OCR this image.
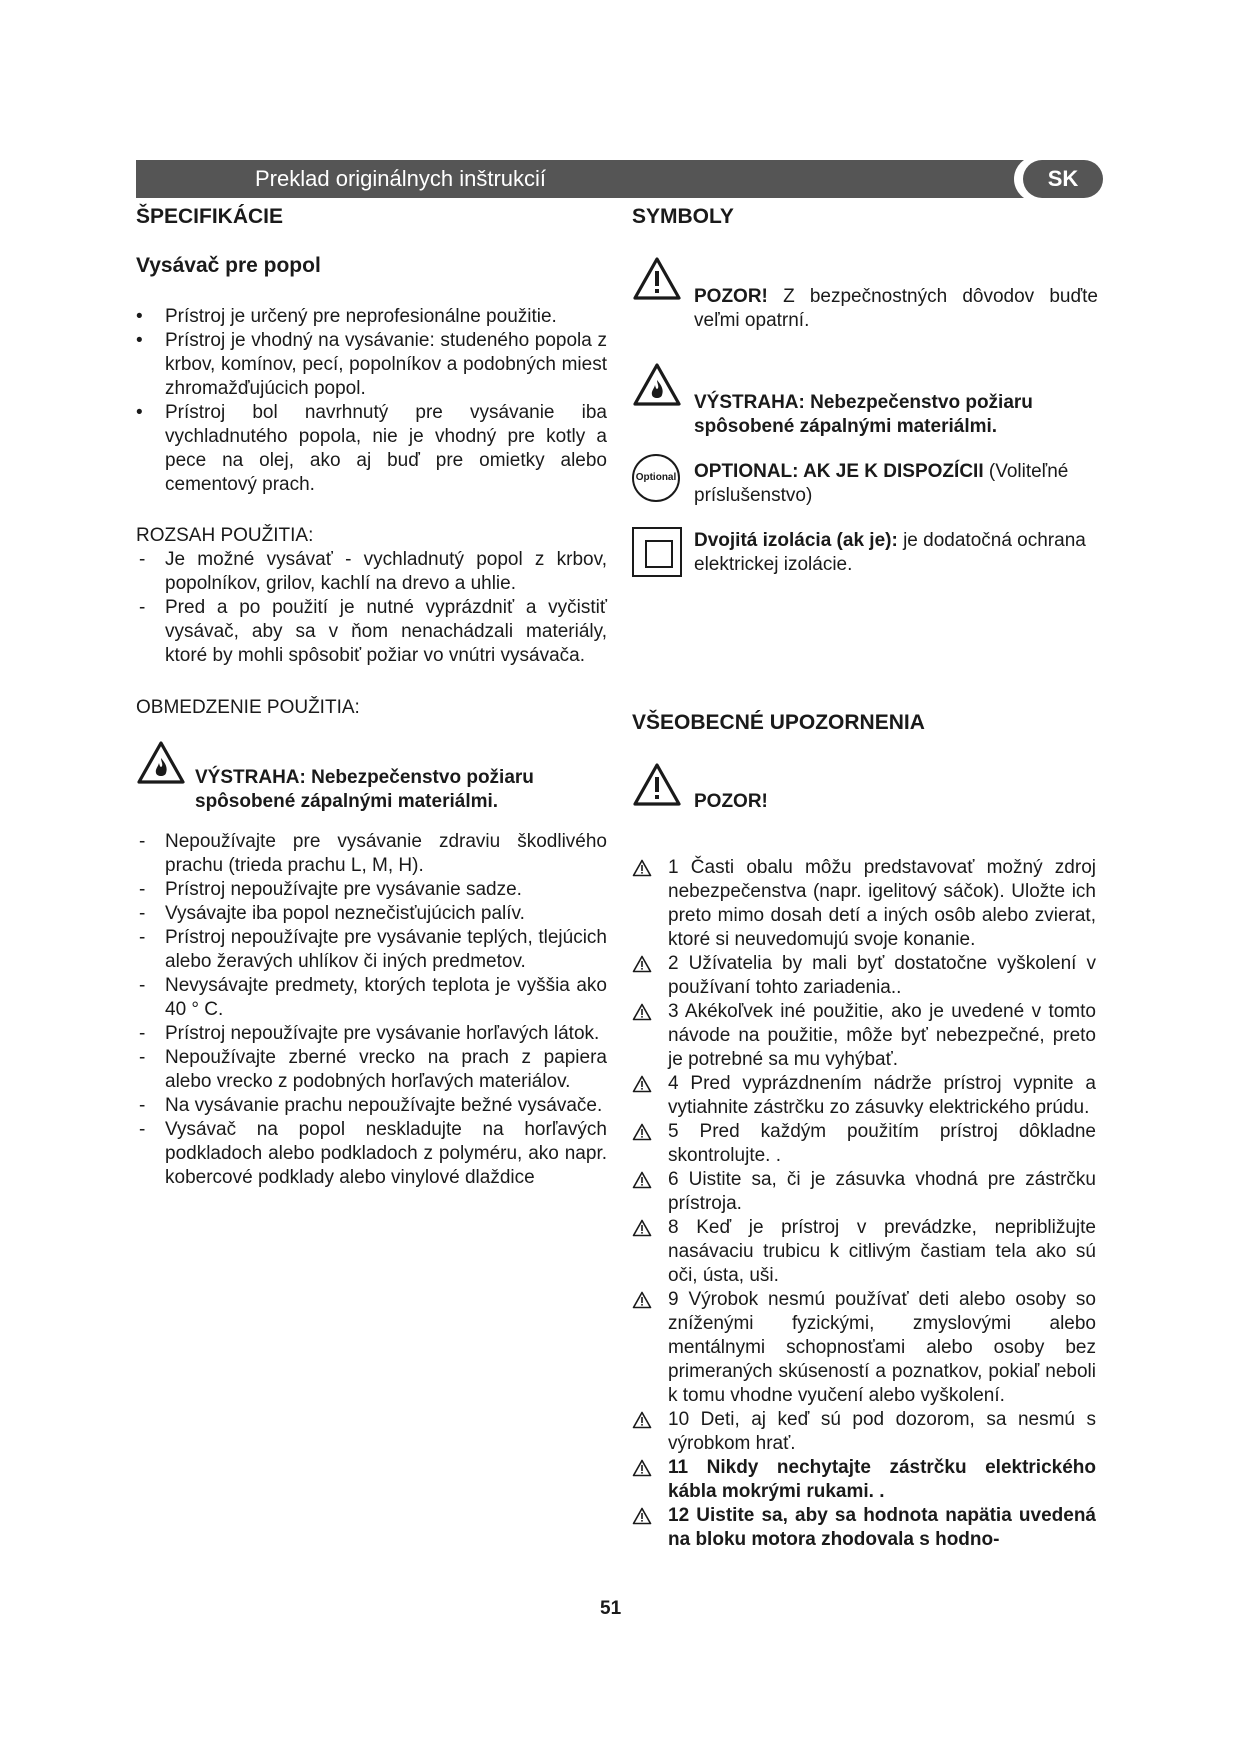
Preklad originálnych inštrukcií	SK
ŠPECIFIKÁCIE
Vysávač pre popol
• Prístroj je určený pre neprofesionálne použitie.
• Prístroj je vhodný na vysávanie: studeného popola z krbov, komínov, pecí, popolníkov a podobných miest zhromažďujúcich popol.
• Prístroj bol navrhnutý pre vysávanie iba vychladnutého popola, nie je vhodný pre kotly a pece na olej, ako aj buď pre omietky alebo cementový prach.
ROZSAH POUŽITIA:
- Je možné vysávať - vychladnutý popol z krbov, popolníkov, grilov, kachlí na drevo a uhlie.
- Pred a po použití je nutné vyprázdniť a vyčistiť vysávač, aby sa v ňom nenachádzali materiály, ktoré by mohli spôsobiť požiar vo vnútri vysávača.
OBMEDZENIE POUŽITIA:
VÝSTRAHA: Nebezpečenstvo požiaru spôsobené zápalnými materiálmi.
- Nepoužívajte pre vysávanie zdraviu škodlivého prachu (trieda prachu L, M, H).
- Prístroj nepoužívajte pre vysávanie sadze.
- Vysávajte iba popol neznečisťujúcich palív.
- Prístroj nepoužívajte pre vysávanie teplých, tlejúcich alebo žeravých uhlíkov či iných predmetov.
- Nevysávajte predmety, ktorých teplota je vyššia ako 40 ° C.
- Prístroj nepoužívajte pre vysávanie horľavých látok.
- Nepoužívajte zberné vrecko na prach z papiera alebo vrecko z podobných horľavých materiálov.
- Na vysávanie prachu nepoužívajte bežné vysávače.
- Vysávač na popol neskladujte na horľavých podkladoch alebo podkladoch z polyméru, ako napr. kobercové podklady alebo vinylové dlaždice
SYMBOLY
POZOR! Z bezpečnostných dôvodov buďte veľmi opatrní.
VÝSTRAHA: Nebezpečenstvo požiaru spôsobené zápalnými materiálmi.
Optional OPTIONAL: AK JE K DISPOZÍCII (Voliteľné príslušenstvo)
Dvojitá izolácia (ak je): je dodatočná ochrana elektrickej izolácie.
VŠEOBECNÉ UPOZORNENIA
POZOR!
1 Časti obalu môžu predstavovať možný zdroj nebezpečenstva (napr. igelitový sáčok). Uložte ich preto mimo dosah detí a iných osôb alebo zvierat, ktoré si neuvedomujú svoje konanie.
2 Užívatelia by mali byť dostatočne vyškolení v používaní tohto zariadenia..
3 Akékoľvek iné použitie, ako je uvedené v tomto návode na použitie, môže byť nebezpečné, preto je potrebné sa mu vyhýbať.
4 Pred vyprázdnením nádrže prístroj vypnite a vytiahnite zástrčku zo zásuvky elektrického prúdu.
5 Pred každým použitím prístroj dôkladne skontrolujte. .
6 Uistite sa, či je zásuvka vhodná pre zástrčku prístroja.
8 Keď je prístroj v prevádzke, nepribližujte nasávaciu trubicu k citlivým častiam tela ako sú oči, ústa, uši.
9 Výrobok nesmú používať deti alebo osoby so zníženými fyzickými, zmyslovými alebo mentálnymi schopnosťami alebo osoby bez primeraných skúseností a poznatkov, pokiaľ neboli k tomu vhodne vyučení alebo vyškolení.
10 Deti, aj keď sú pod dozorom, sa nesmú s výrobkom hrať.
11 Nikdy nechytajte zástrčku elektrického kábla mokrými rukami. .
12 Uistite sa, aby sa hodnota napätia uvedená na bloku motora zhodovala s hodno-
51
